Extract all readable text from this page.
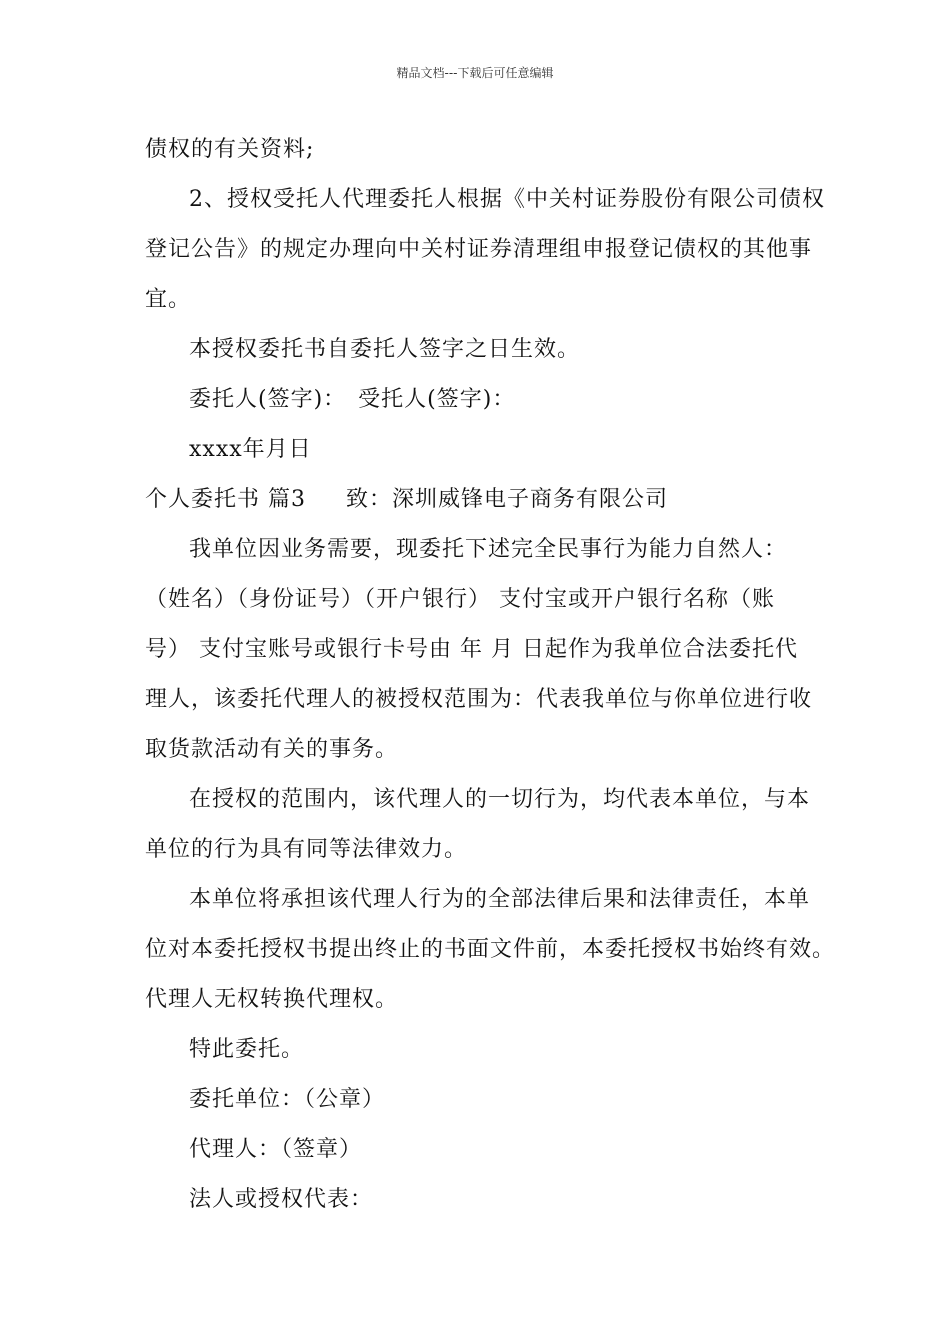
精品文档---下载后可任意编辑
债权的有关资料;
2、授权受托人代理委托人根据《中关村证券股份有限公司债权
登记公告》的规定办理向中关村证券清理组申报登记债权的其他事
宜。
本授权委托书自委托人签字之日生效。
委托人(签字)：　受托人(签字)：
xxxx年月日
个人委托书 篇3 致：深圳威锋电子商务有限公司
我单位因业务需要，现委托下述完全民事行为能力自然人：
（姓名）（身份证号）（开户银行） 支付宝或开户银行名称（账
号） 支付宝账号或银行卡号由 年 月 日起作为我单位合法委托代
理人，该委托代理人的被授权范围为：代表我单位与你单位进行收
取货款活动有关的事务。
在授权的范围内，该代理人的一切行为，均代表本单位，与本
单位的行为具有同等法律效力。
本单位将承担该代理人行为的全部法律后果和法律责任，本单
位对本委托授权书提出终止的书面文件前，本委托授权书始终有效。
代理人无权转换代理权。
特此委托。
委托单位：（公章）
代理人：（签章）
法人或授权代表：
